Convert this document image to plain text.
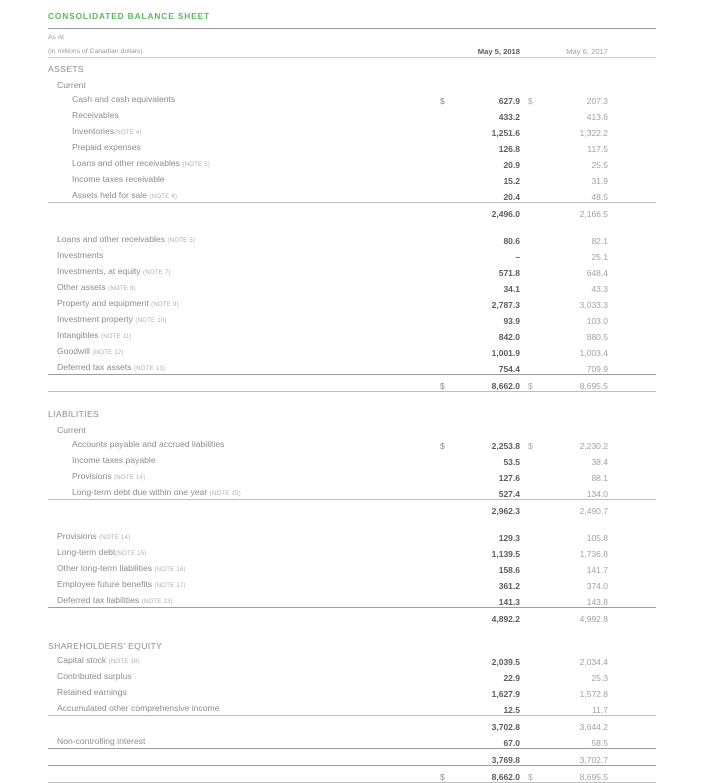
CONSOLIDATED BALANCE SHEET

As At					
(in millions of Canadian dollars)		May 5, 2018		May 6, 2017	

ASSETS					
Current					
Cash and cash equivalents	$	627.9	$	207.3	
Receivables		433.2		413.6	
Inventories(NOTE 4)		1,251.6		1,322.2	
Prepaid expenses		126.8		117.5	
Loans and other receivables (NOTE 5)		20.9		25.5	
Income taxes receivable		15.2		31.9	
Assets held for sale (NOTE 6)		20.4		48.5	

		2,496.0		2,166.5	

Loans and other receivables (NOTE 5)		80.6		82.1	
Investments		–		25.1	
Investments, at equity (NOTE 7)		571.8		648.4	
Other assets (NOTE 8)		34.1		43.3	
Property and equipment (NOTE 9)		2,787.3		3,033.3	
Investment property (NOTE 10)		93.9		103.0	
Intangibles (NOTE 11)		842.0		880.5	
Goodwill (NOTE 12)		1,001.9		1,003.4	
Deferred tax assets (NOTE 13)		754.4		709.9	

	$	8,662.0	$	8,695.5	

LIABILITIES					
Current					
Accounts payable and accrued liabilities	$	2,253.8	$	2,230.2	
Income taxes payable		53.5		38.4	
Provisions (NOTE 14)		127.6		88.1	
Long-term debt due within one year (NOTE 15)		527.4		134.0	

		2,962.3		2,490.7	

Provisions (NOTE 14)		129.3		105.8	
Long-term debt(NOTE 15)		1,139.5		1,736.8	
Other long-term liabilities (NOTE 16)		158.6		141.7	
Employee future benefits (NOTE 17)		361.2		374.0	
Deferred tax liabilities (NOTE 13)		141.3		143.8	

		4,892.2		4,992.8	

SHAREHOLDERS' EQUITY					
Capital stock (NOTE 18)		2,039.5		2,034.4	
Contributed surplus		22.9		25.3	
Retained earnings		1,627.9		1,572.8	
Accumulated other comprehensive income		12.5		11.7	

		3,702.8		3,644.2	
Non-controlling interest		67.0		58.5	

		3,769.8		3,702.7	

	$	8,662.0	$	8,695.5	
